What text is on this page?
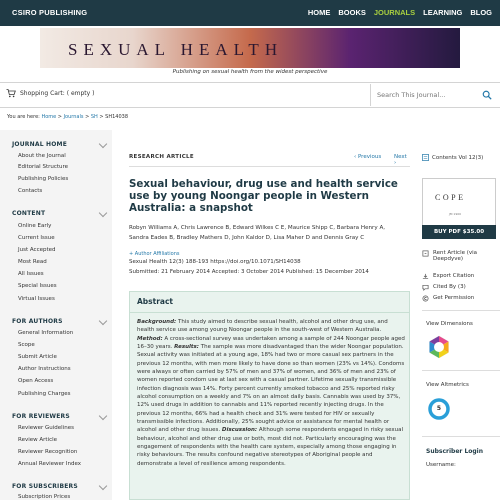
CSIRO PUBLISHING	HOME BOOKS JOURNALS LEARNING BLOG
SEXUAL HEALTH
Publishing on sexual health from the widest perspective
Shopping Cart: ( empty )
Search This Journal...
You are here: Home > Journals > SH > SH14038
JOURNAL HOME
About the Journal
Editorial Structure
Publishing Policies
Contacts
CONTENT
Online Early
Current Issue
Just Accepted
Most Read
All Issues
Special Issues
Virtual Issues
FOR AUTHORS
General Information
Scope
Submit Article
Author Instructions
Open Access
Publishing Charges
FOR REVIEWERS
Reviewer Guidelines
Review Article
Reviewer Recognition
Annual Reviewer Index
FOR SUBSCRIBERS
Subscription Prices
RESEARCH ARTICLE	‹ Previous Next ›
Sexual behaviour, drug use and health service use by young Noongar people in Western Australia: a snapshot
Robyn Williams A, Chris Lawrence B, Edward Wilkes C E, Maurice Shipp C, Barbara Henry A,
Sandra Eades B, Bradley Mathers D, John Kaldor D, Lisa Maher D and Dennis Gray C
+ Author Affiliations
Sexual Health 12(3) 188-193 https://doi.org/10.1071/SH14038
Submitted: 21 February 2014 Accepted: 3 October 2014 Published: 15 December 2014
Abstract
Background: This study aimed to describe sexual health, alcohol and other drug use, and health service use among young Noongar people in the south-west of Western Australia. Method: A cross-sectional survey was undertaken among a sample of 244 Noongar people aged 16–30 years. Results: The sample was more disadvantaged than the wider Noongar population. Sexual activity was initiated at a young age, 18% had two or more casual sex partners in the previous 12 months, with men more likely to have done so than women (23% vs 14%). Condoms were always or often carried by 57% of men and 37% of women, and 36% of men and 23% of women reported condom use at last sex with a casual partner. Lifetime sexually transmissible infection diagnosis was 14%. Forty percent currently smoked tobacco and 25% reported risky alcohol consumption on a weekly and 7% on an almost daily basis. Cannabis was used by 37%, 12% used drugs in addition to cannabis and 11% reported recently injecting drugs. In the previous 12 months, 66% had a health check and 31% were tested for HIV or sexually transmissible infections. Additionally, 25% sought advice or assistance for mental health or alcohol and other drug issues. Discussion: Although some respondents engaged in risky sexual behaviour, alcohol and other drug use or both, most did not. Particularly encouraging was the engagement of respondents with the health care system, especially among those engaging in risky behaviours. The results confound negative stereotypes of Aboriginal people and demonstrate a level of resilience among respondents.
Contents Vol 12(3)
COPE
JM 1900
BUY PDF $35.00
Rent Article (via Deepdyve)
Export Citation
Cited By (3)
Get Permission
View Dimensions
View Altmetrics
5
Subscriber Login
Username:
